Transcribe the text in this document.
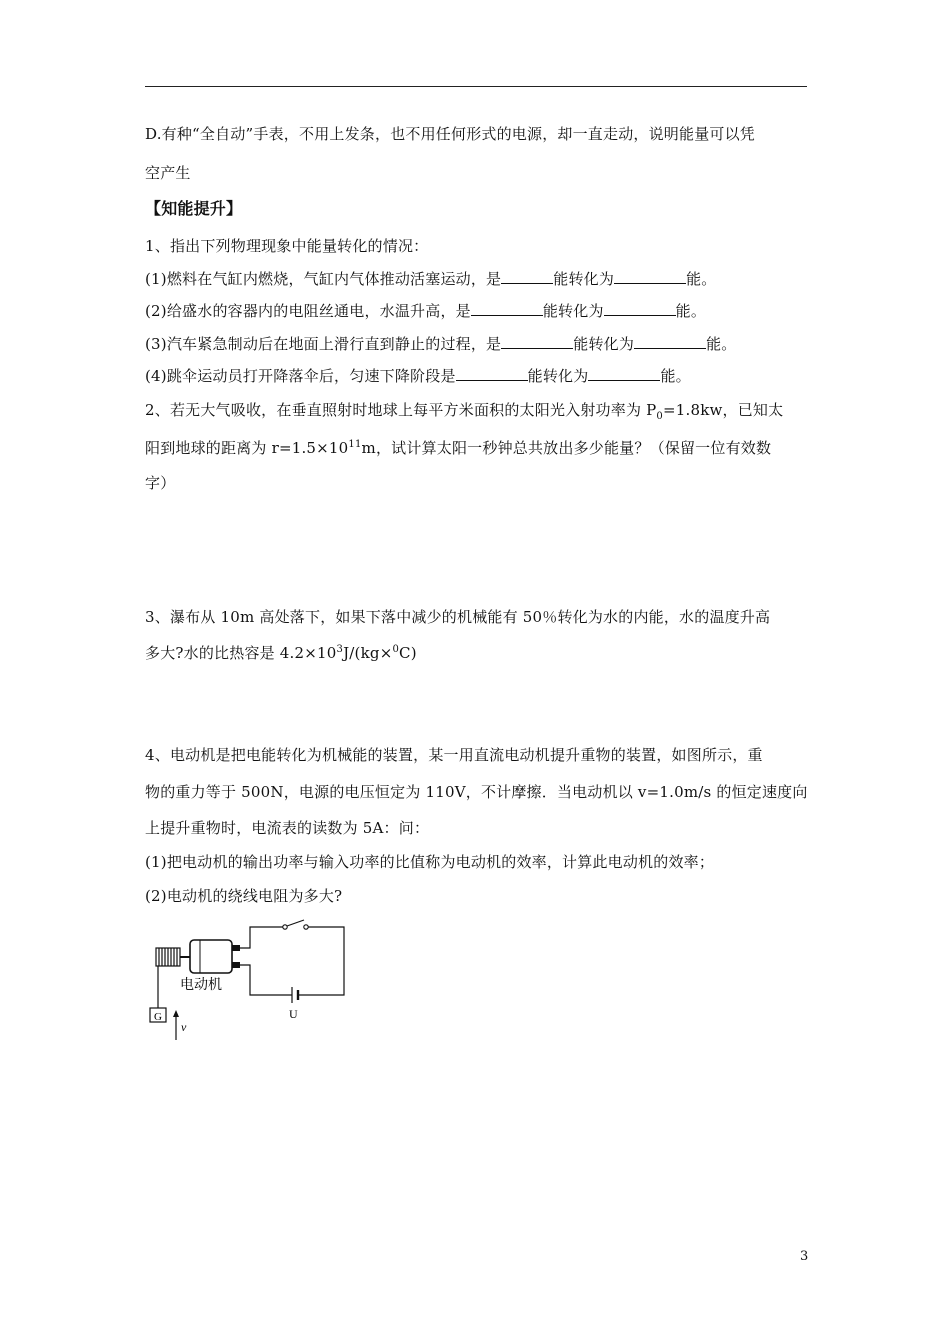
D.有种“全自动”手表，不用上发条，也不用任何形式的电源，却一直走动，说明能量可以凭
空产生
【知能提升】
1、指出下列物理现象中能量转化的情况：
(1)燃料在气缸内燃烧，气缸内气体推动活塞运动，是	能转化为	能。
(2)给盛水的容器内的电阻丝通电，水温升高，是	能转化为	能。
(3)汽车紧急制动后在地面上滑行直到静止的过程，是	能转化为	能。
(4)跳伞运动员打开降落伞后，匀速下降阶段是	能转化为	能。
2、若无大气吸收，在垂直照射时地球上每平方米面积的太阳光入射功率为 $P_0=1.8kw$，已知太
阳到地球的距离为 $r=1.5\times 10^{11}m$，试计算太阳一秒钟总共放出多少能量？（保留一位有效数
字）
3、瀑布从 10m 高处落下，如果下落中减少的机械能有 50％转化为水的内能，水的温度升高
多大?水的比热容是 $4.2\times 10^3J/(kg\times^0C)$
4、电动机是把电能转化为机械能的装置，某一用直流电动机提升重物的装置，如图所示，重
物的重力等于 500N，电源的电压恒定为 110V，不计摩擦．当电动机以 v=1.0m/s 的恒定速度向
上提升重物时，电流表的读数为 5A：问：
(1)把电动机的输出功率与输入功率的比值称为电动机的效率，计算此电动机的效率；
(2)电动机的绕线电阻为多大?
G
v
电动机
U
3
